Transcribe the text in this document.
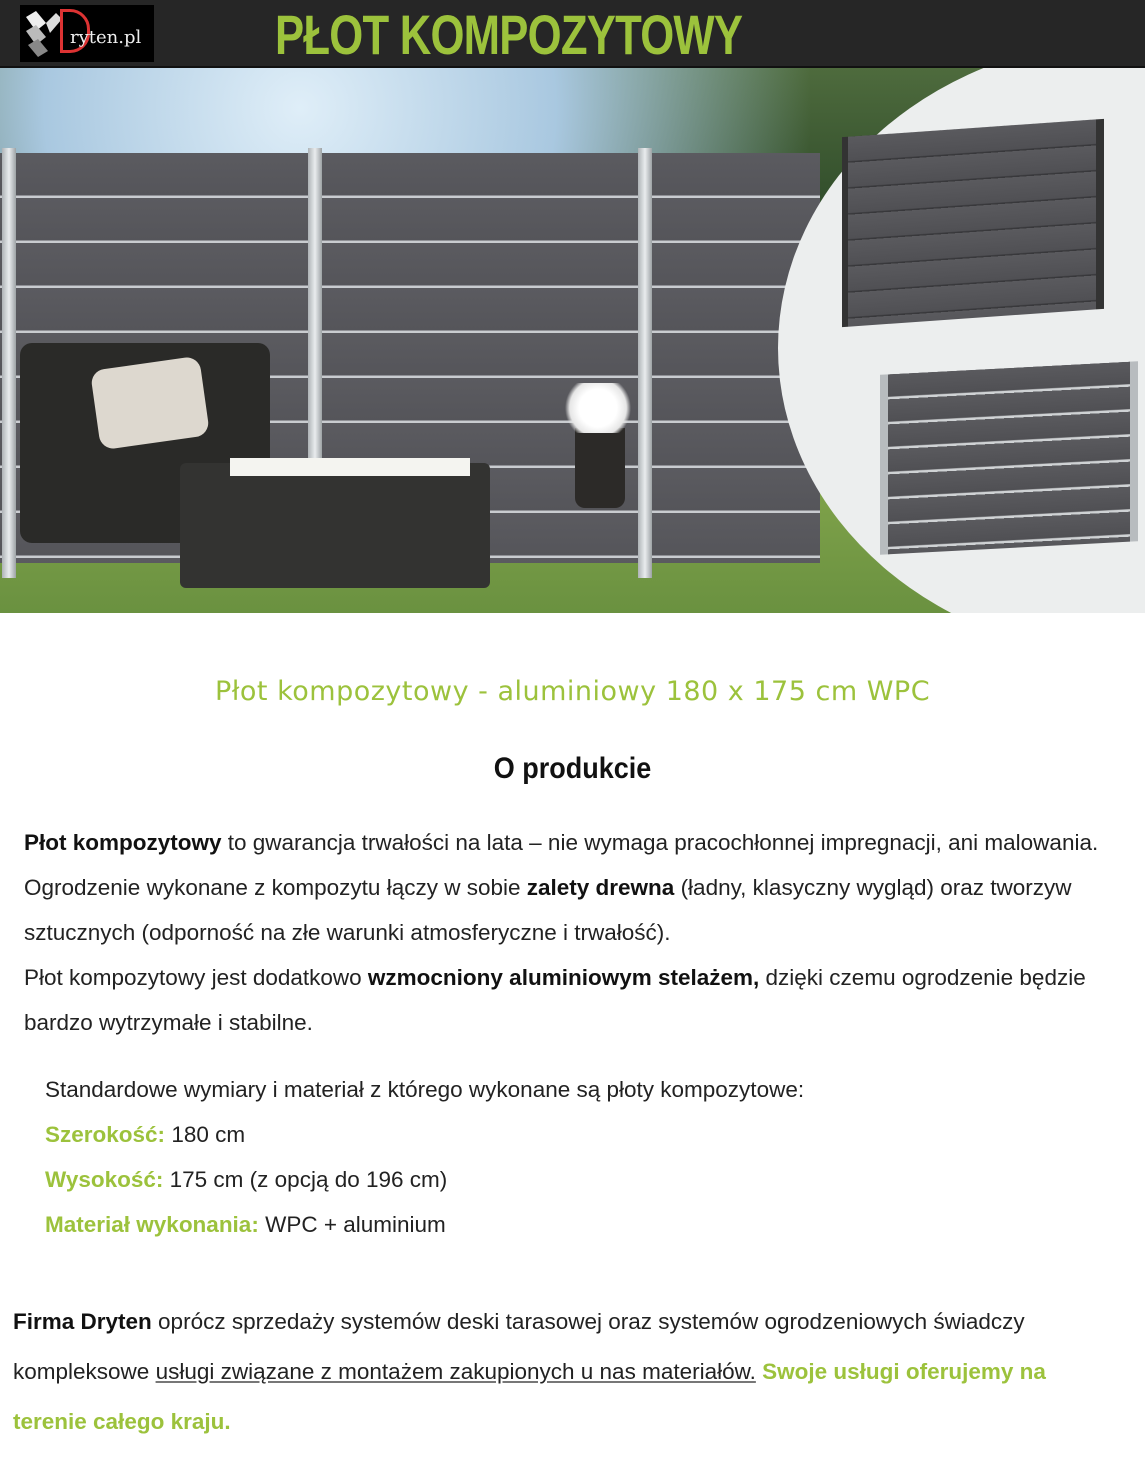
ryten.pl PŁOT KOMPOZYTOWY
Płot kompozytowy - aluminiowy 180 x 175 cm WPC
O produkcie
Płot kompozytowy to gwarancja trwałości na lata – nie wymaga pracochłonnej impregnacji, ani malowania. Ogrodzenie wykonane z kompozytu łączy w sobie zalety drewna (ładny, klasyczny wygląd) oraz tworzyw sztucznych (odporność na złe warunki atmosferyczne i trwałość).
Płot kompozytowy jest dodatkowo wzmocniony aluminiowym stelażem, dzięki czemu ogrodzenie będzie bardzo wytrzymałe i stabilne.
Standardowe wymiary i materiał z którego wykonane są płoty kompozytowe:
Szerokość: 180 cm
Wysokość: 175 cm (z opcją do 196 cm)
Materiał wykonania: WPC + aluminium
Firma Dryten oprócz sprzedaży systemów deski tarasowej oraz systemów ogrodzeniowych świadczy
kompleksowe usługi związane z montażem zakupionych u nas materiałów. Swoje usługi oferujemy na
terenie całego kraju.
